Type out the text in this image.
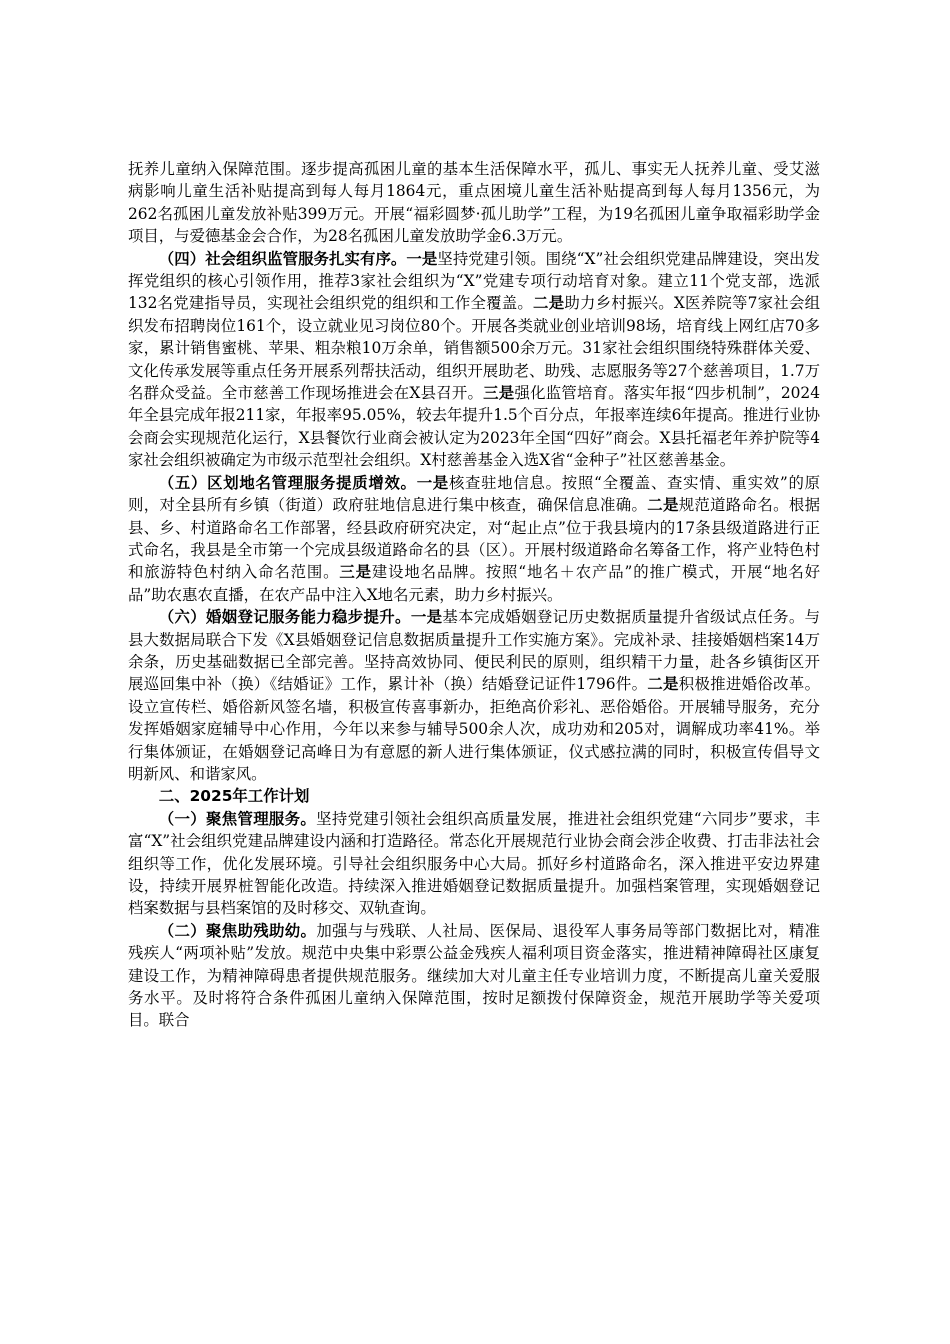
抚养儿童纳入保障范围。逐步提高孤困儿童的基本生活保障水平，孤儿、事实无人抚养儿童、受艾滋病影响儿童生活补贴提高到每人每月1864元，重点困境儿童生活补贴提高到每人每月1356元，为262名孤困儿童发放补贴399万元。开展“福彩圆梦·孤儿助学”工程，为19名孤困儿童争取福彩助学金项目，与爱德基金会合作，为28名孤困儿童发放助学金6.3万元。

（四）社会组织监管服务扎实有序。一是坚持党建引领。围绕“X”社会组织党建品牌建设，突出发挥党组织的核心引领作用，推荐3家社会组织为“X”党建专项行动培育对象。建立11个党支部，选派132名党建指导员，实现社会组织党的组织和工作全覆盖。二是助力乡村振兴。X医养院等7家社会组织发布招聘岗位161个，设立就业见习岗位80个。开展各类就业创业培训98场，培育线上网红店70多家，累计销售蜜桃、苹果、粗杂粮10万余单，销售额500余万元。31家社会组织围绕特殊群体关爱、文化传承发展等重点任务开展系列帮扶活动，组织开展助老、助残、志愿服务等27个慈善项目，1.7万名群众受益。全市慈善工作现场推进会在X县召开。三是强化监管培育。落实年报“四步机制”，2024年全县完成年报211家，年报率95.05%，较去年提升1.5个百分点，年报率连续6年提高。推进行业协会商会实现规范化运行，X县餐饮行业商会被认定为2023年全国“四好”商会。X县托福老年养护院等4家社会组织被确定为市级示范型社会组织。X村慈善基金入选X省“金种子”社区慈善基金。

（五）区划地名管理服务提质增效。一是核查驻地信息。按照“全覆盖、查实情、重实效”的原则，对全县所有乡镇（街道）政府驻地信息进行集中核查，确保信息准确。二是规范道路命名。根据县、乡、村道路命名工作部署，经县政府研究决定，对“起止点”位于我县境内的17条县级道路进行正式命名，我县是全市第一个完成县级道路命名的县（区）。开展村级道路命名筹备工作，将产业特色村和旅游特色村纳入命名范围。三是建设地名品牌。按照“地名＋农产品”的推广模式，开展“地名好品”助农惠农直播，在农产品中注入X地名元素，助力乡村振兴。

（六）婚姻登记服务能力稳步提升。一是基本完成婚姻登记历史数据质量提升省级试点任务。与县大数据局联合下发《X县婚姻登记信息数据质量提升工作实施方案》。完成补录、挂接婚姻档案14万余条，历史基础数据已全部完善。坚持高效协同、便民利民的原则，组织精干力量，赴各乡镇街区开展巡回集中补（换）《结婚证》工作，累计补（换）结婚登记证件1796件。二是积极推进婚俗改革。设立宣传栏、婚俗新风签名墙，积极宣传喜事新办，拒绝高价彩礼、恶俗婚俗。开展辅导服务，充分发挥婚姻家庭辅导中心作用，今年以来参与辅导500余人次，成功劝和205对，调解成功率41%。举行集体颁证，在婚姻登记高峰日为有意愿的新人进行集体颁证，仪式感拉满的同时，积极宣传倡导文明新风、和谐家风。

二、2025年工作计划

（一）聚焦管理服务。坚持党建引领社会组织高质量发展，推进社会组织党建“六同步”要求，丰富“X”社会组织党建品牌建设内涵和打造路径。常态化开展规范行业协会商会涉企收费、打击非法社会组织等工作，优化发展环境。引导社会组织服务中心大局。抓好乡村道路命名，深入推进平安边界建设，持续开展界桩智能化改造。持续深入推进婚姻登记数据质量提升。加强档案管理，实现婚姻登记档案数据与县档案馆的及时移交、双轨查询。

（二）聚焦助残助幼。加强与与残联、人社局、医保局、退役军人事务局等部门数据比对，精准残疾人“两项补贴”发放。规范中央集中彩票公益金残疾人福利项目资金落实，推进精神障碍社区康复建设工作，为精神障碍患者提供规范服务。继续加大对儿童主任专业培训力度，不断提高儿童关爱服务水平。及时将符合条件孤困儿童纳入保障范围，按时足额拨付保障资金，规范开展助学等关爱项目。联合
